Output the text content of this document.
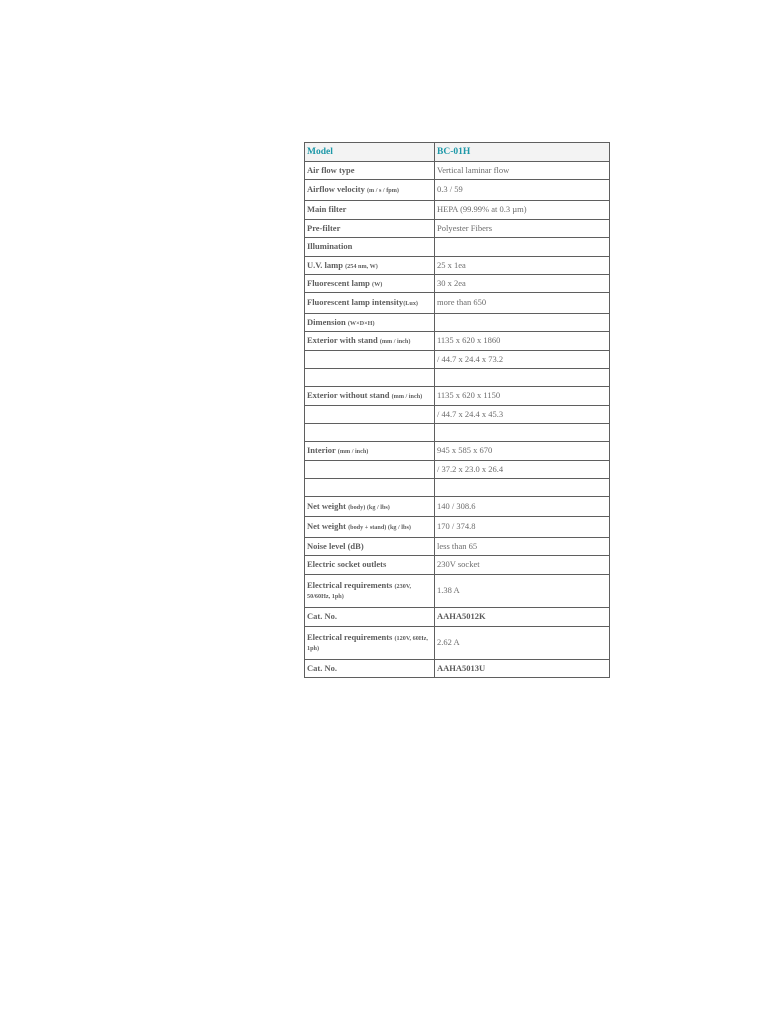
Model	BC-01H
Air flow type	Vertical laminar flow
Airflow velocity (m / s / fpm)	0.3 / 59
Main filter	HEPA (99.99% at 0.3 µm)
Pre-filter	Polyester Fibers
Illumination	
U.V. lamp (254 nm, W)	25 x 1ea
Fluorescent lamp (W)	30 x 2ea
Fluorescent lamp intensity(Lux)	more than 650
Dimension (W×D×H)	
Exterior with stand (mm / inch)	1135 x 620 x 1860
	/ 44.7 x 24.4 x 73.2

Exterior without stand (mm / inch)	1135 x 620 x 1150
	/ 44.7 x 24.4 x 45.3

Interior (mm / inch)	945 x 585 x 670
	/ 37.2 x 23.0 x 26.4

Net weight (body) (kg / lbs)	140 / 308.6
Net weight (body + stand) (kg / lbs)	170 / 374.8
Noise level (dB)	less than 65
Electric socket outlets	230V socket
Electrical requirements (230V, 50/60Hz, 1ph)	1.38 A
Cat. No.	AAHA5012K
Electrical requirements (120V, 60Hz, 1ph)	2.62 A
Cat. No.	AAHA5013U
